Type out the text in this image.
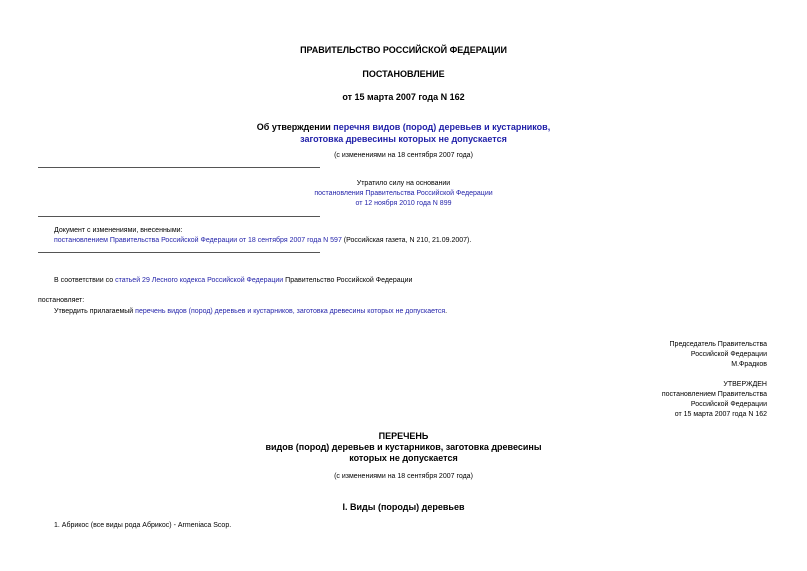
ПРАВИТЕЛЬСТВО РОССИЙСКОЙ ФЕДЕРАЦИИ
ПОСТАНОВЛЕНИЕ
от 15 марта 2007 года N 162
Об утверждении перечня видов (пород) деревьев и кустарников,
заготовка древесины которых не допускается
(с изменениями на 18 сентября 2007 года)
Утратило силу на основании
постановления Правительства Российской Федерации
от 12 ноября 2010 года N 899
Документ с изменениями, внесенными:
постановлением Правительства Российской Федерации от 18 сентября 2007 года N 597 (Российская газета, N 210, 21.09.2007).
В соответствии со статьей 29 Лесного кодекса Российской Федерации Правительство Российской Федерации
постановляет:
Утвердить прилагаемый перечень видов (пород) деревьев и кустарников, заготовка древесины которых не допускается.
Председатель Правительства
Российской Федерации
М.Фрадков
УТВЕРЖДЕН
постановлением Правительства
Российской Федерации
от 15 марта 2007 года N 162
ПЕРЕЧЕНЬ
видов (пород) деревьев и кустарников, заготовка древесины
которых не допускается
(с изменениями на 18 сентября 2007 года)
I. Виды (породы) деревьев
1. Абрикос (все виды рода Абрикос) - Armeniaca Scop.
